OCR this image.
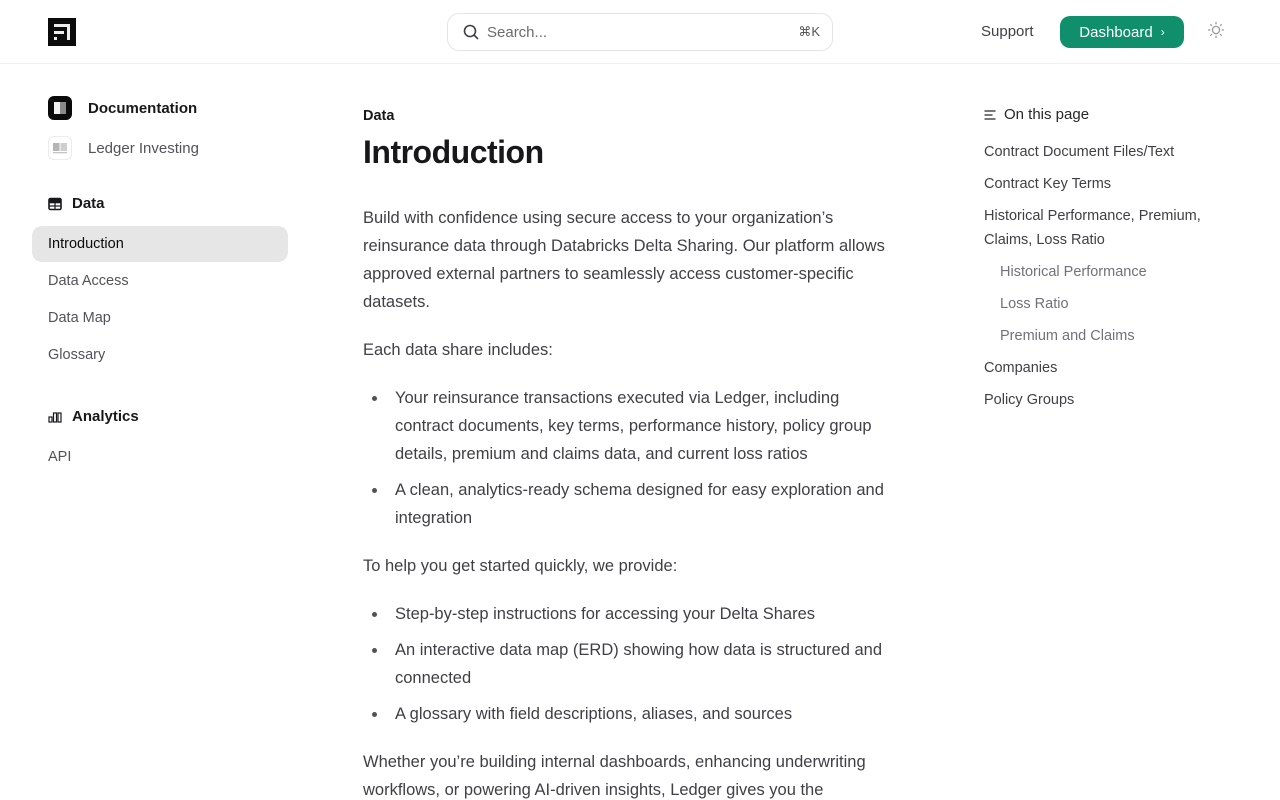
Search...	⌘K	Support	Dashboard ›
Documentation
Ledger Investing
Data
Introduction
Data Access
Data Map
Glossary
Analytics
API
Data
Introduction

Build with confidence using secure access to your organization’s reinsurance data through Databricks Delta Sharing. Our platform allows approved external partners to seamlessly access customer-specific datasets.

Each data share includes:

Your reinsurance transactions executed via Ledger, including contract documents, key terms, performance history, policy group details, premium and claims data, and current loss ratios
A clean, analytics-ready schema designed for easy exploration and integration

To help you get started quickly, we provide:

Step-by-step instructions for accessing your Delta Shares
An interactive data map (ERD) showing how data is structured and connected
A glossary with field descriptions, aliases, and sources

Whether you’re building internal dashboards, enhancing underwriting workflows, or powering AI-driven insights, Ledger gives you the

On this page
Contract Document Files/Text
Contract Key Terms
Historical Performance, Premium, Claims, Loss Ratio
Historical Performance
Loss Ratio
Premium and Claims
Companies
Policy Groups
